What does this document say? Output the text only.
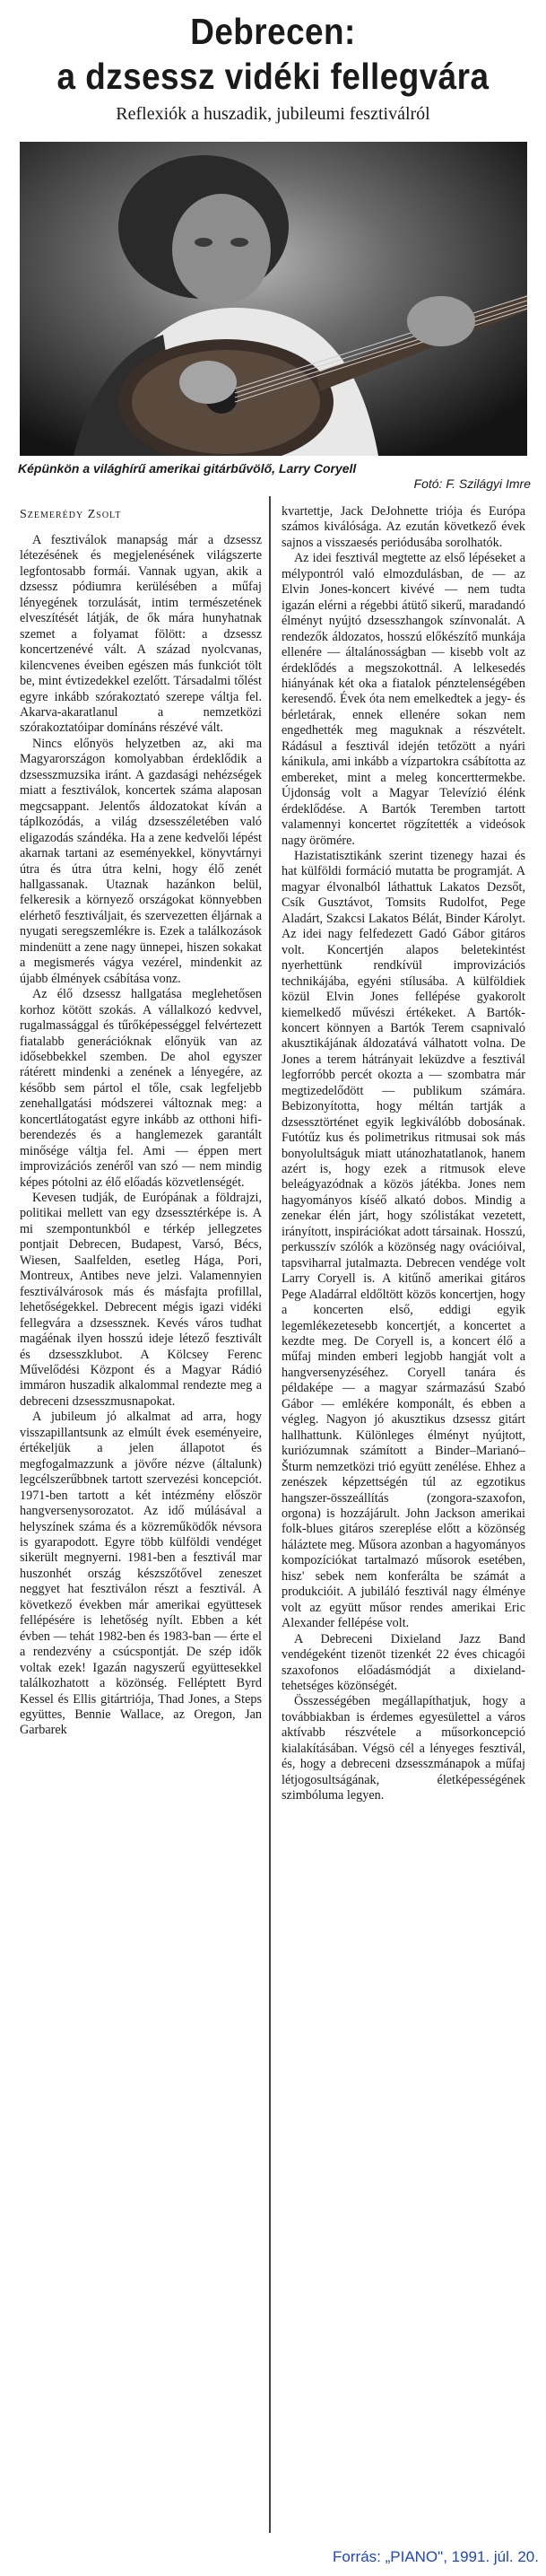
Debrecen:
a dzsessz vidéki fellegvára
Reflexiók a huszadik, jubileumi fesztiválról
Képünkön a világhírű amerikai gitárbűvölő, Larry Coryell
Fotó: F. Szilágyi Imre
Szemerédy Zsolt

A fesztiválok manapság már a dzsessz létezésének és megjelenésének világszerte legfontosabb formái. Vannak ugyan, akik a dzsessz pódiumra kerülésében a műfaj lényegének torzulását, intim természetének elveszítését látják, de ők mára hunyhatnak szemet a folyamat fölött: a dzsessz koncertzenévé vált. A század nyolcvanas, kilencvenes éveiben egészen más funkciót tölt be, mint évtizedekkel ezelőtt. Társadalmi tőlést egyre inkább szórakoztató szerepe váltja fel. Akarva-akaratlanul a nemzetközi szórakoztatóipar domínáns részévé vált.

Nincs előnyös helyzetben az, aki ma Magyarországon komolyabban érdeklődik a dzsesszmuzsika iránt. A gazdasági nehézségek miatt a fesztiválok, koncertek száma alaposan megcsappant. Jelentős áldozatokat kíván a táplkozódás, a világ dzsesszéletében való eligazodás szándéka. Ha a zene kedvelői lépést akarnak tartani az eseményekkel, könyvtárnyi útra és útra útra kelni, hogy élő zenét hallgassanak. Utaznak hazánkon belül, felkeresik a környező országokat könnyebben elérhető fesztiváljait, és szervezetten éljárnak a nyugati seregszemlékre is. Ezek a találkozások mindenütt a zene nagy ünnepei, hiszen sokakat a megismerés vágya vezérel, mindenkit az újabb élmények csábítása vonz.

Az élő dzsessz hallgatása meglehetősen korhoz kötött szokás. A vállalkozó kedvvel, rugalmassággal és tűrőképességgel felvértezett fiatalabb generációknak előnyük van az idősebbekkel szemben. De ahol egyszer rátérett mindenki a zenének a lényegére, az később sem pártol el tőle, csak legfeljebb zenehallgatási módszerei változnak meg: a koncertlátogatást egyre inkább az otthoni hifi-berendezés és a hanglemezek garantált minősége váltja fel. Ami — éppen mert improvizációs zenéről van szó — nem mindig képes pótolni az élő előadás közvetlenségét.

Kevesen tudják, de Európának a földrajzi, politikai mellett van egy dzsessztérképe is. A mi szempontunkból e térkép jellegzetes pontjait Debrecen, Budapest, Varsó, Bécs, Wiesen, Saalfelden, esetleg Hága, Pori, Montreux, Antibes neve jelzi. Valamennyien fesztiválvárosok más és másfajta profillal, lehetőségekkel. Debrecent mégis igazi vidéki fellegvára a dzsessznek. Kevés város tudhat magáénak ilyen hosszú ideje létező fesztivált és dzsesszklubot. A Kölcsey Ferenc Művelődési Központ és a Magyar Rádió immáron huszadik alkalommal rendezte meg a debreceni dzsesszmusnapokat.

A jubileum jó alkalmat ad arra, hogy visszapillantsunk az elmúlt évek eseményeire, értékeljük a jelen állapotot és megfogalmazzunk a jövőre nézve (általunk) legcélszerűbbnek tartott szervezési koncepciót. 1971-ben tartott a két intézmény először hangversenysorozatot. Az idő múlásával a helyszínek száma és a közreműködők névsora is gyarapodott. Egyre több külföldi vendéget sikerült megnyerni. 1981-ben a fesztivál mar huszonhét ország készszőtővel zeneszet neggyet hat fesztiválon részt a fesztivál. A következő években már amerikai együttesek fellépésére is lehetőség nyílt. Ebben a két évben — tehát 1982-ben és 1983-ban — érte el a rendezvény a csúcspontját. De szép idők voltak ezek! Igazán nagyszerű együttesekkel találkozhatott a közönség. Felléptett Byrd Kessel és Ellis gitártriója, Thad Jones, a Steps együttes, Bennie Wallace, az Oregon, Jan Garbarek

kvartettje, Jack DeJohnette triója és Európa számos kiválósága. Az ezután következő évek sajnos a visszaesés periódusába sorolhatók.

Az idei fesztivál megtette az első lépéseket a mélypontról való elmozdulásban, de — az Elvin Jones-koncert kivévé — nem tudta igazán elérni a régebbi átütő sikerű, maradandó élményt nyújtó dzsesszhangok színvonalát. A rendezők áldozatos, hosszú előkészítő munkája ellenére — általánosságban — kisebb volt az érdeklődés a megszokottnál. A lelkesedés hiányának két oka a fiatalok pénztelenségében keresendő. Évek óta nem emelkedtek a jegy- és bérletárak, ennek ellenére sokan nem engedhették meg maguknak a részvételt. Rádásul a fesztivál idején tetőzött a nyári kánikula, ami inkább a vízpartokra csábította az embereket, mint a meleg koncerttermekbe. Újdonság volt a Magyar Televízió élénk érdeklődése. A Bartók Teremben tartott valamennyi koncertet rögzítették a videósok nagy örömére.

Hazistatisztikánk szerint tizenegy hazai és hat külföldi formáció mutatta be programját. A magyar élvonalból láthattuk Lakatos Dezsőt, Csík Gusztávot, Tomsits Rudolfot, Pege Aladárt, Szakcsi Lakatos Bélát, Binder Károlyt. Az idei nagy felfedezett Gadó Gábor gitáros volt. Koncertjén alapos beletekintést nyerhettünk rendkívül improvizációs technikájába, egyéni stílusába. A külföldiek közül Elvin Jones fellépése gyakorolt kiemelkedő művészi értékeket. A Bartók-koncert könnyen a Bartók Terem csapnivaló akusztikájának áldozatává válhatott volna. De Jones a terem hátrányait leküzdve a fesztivál legforróbb percét okozta a — szombatra már megtizedelődött — publikum számára. Bebizonyította, hogy méltán tartják a dzsessztörténet egyik legkiválóbb dobosának. Futótűz kus és polimetrikus ritmusai sok más bonyolultságuk miatt utánozhatatlanok, hanem azért is, hogy ezek a ritmusok eleve beleágyazódnak a közös játékba. Jones nem hagyományos kíséő alkató dobos. Mindig a zenekar élén járt, hogy szólistákat vezetett, irányított, inspirációkat adott társainak. Hosszú, perkusszív szólók a közönség nagy ovációival, tapsviharral jutalmazta. Debrecen vendége volt Larry Coryell is. A kitűnő amerikai gitáros Pege Aladárral eldőltött közös koncertjen, hogy a koncerten első, eddigi egyik legemlékezetesebb koncertjét, a koncertet a kezdte meg. De Coryell is, a koncert élő a műfaj minden emberi legjobb hangját volt a hangversenyzéséhez. Coryell tanára és példaképe — a magyar származású Szabó Gábor — emlékére komponált, és ebben a végleg. Nagyon jó akusztikus dzsessz gitárt hallhattunk. Különleges élményt nyújtott, kuriózumnak számított a Binder–Marianó–Šturm nemzetközi trió együtt zenélése. Ehhez a zenészek képzettségén túl az egzotikus hangszer-összeállítás (zongora-szaxofon, orgona) is hozzájárult. John Jackson amerikai folk-blues gitáros szereplése előtt a közönség háláztete meg. Műsora azonban a hagyományos kompozíciókat tartalmazó műsorok esetében, hisz' sebek nem konferálta be számát a produkcióit. A jubiláló fesztivál nagy élménye volt az együtt műsor rendes amerikai Eric Alexander fellépése volt.

A Debreceni Dixieland Jazz Band vendégeként tizenöt tizenkét 22 éves chicagói szaxofonos előadásmódját a dixieland-tehetséges közönségét.

Összességében megállapíthatjuk, hogy a továbbiakban is érdemes egyesülettel a város aktívabb részvétele a műsorkoncepció kialakításában. Végsö cél a lényeges fesztivál, és, hogy a debreceni dzsesszmánapok a műfaj létjogosultságának, életképességének szimbóluma legyen.

Forrás: „PIANO", 1991. júl. 20.
